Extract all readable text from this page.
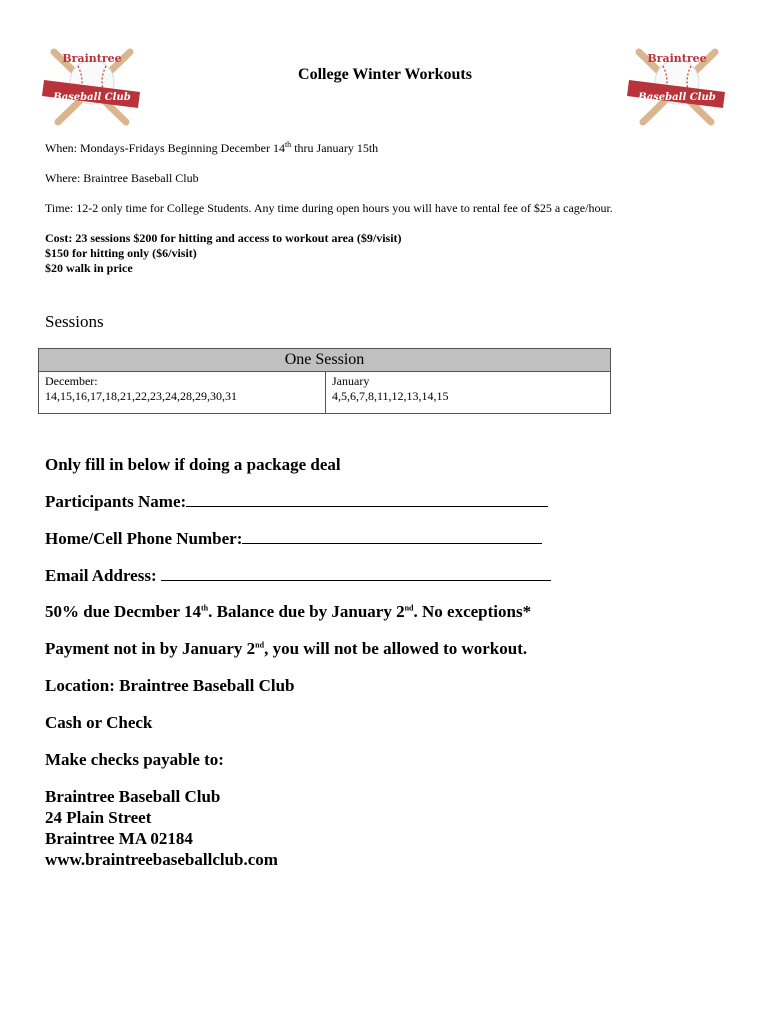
Braintree
Baseball Club
Braintree
Baseball Club
College Winter Workouts
When: Mondays-Fridays Beginning December 14th thru January 15th
Where: Braintree Baseball Club
Time: 12-2 only time for College Students. Any time during open hours you will have to rental fee of $25 a cage/hour.
Cost: 23 sessions $200 for hitting and access to workout area ($9/visit)
$150 for hitting only ($6/visit)
$20 walk in price
Sessions
One Session
December:
14,15,16,17,18,21,22,23,24,28,29,30,31
January
4,5,6,7,8,11,12,13,14,15
Only fill in below if doing a package deal
Participants Name:
Home/Cell Phone Number:
Email Address:
50% due Decmber 14th. Balance due by January 2nd. No exceptions*
Payment not in by January 2nd, you will not be allowed to workout.
Location: Braintree Baseball Club
Cash or Check
Make checks payable to:
Braintree Baseball Club
24 Plain Street
Braintree MA 02184
www.braintreebaseballclub.com
